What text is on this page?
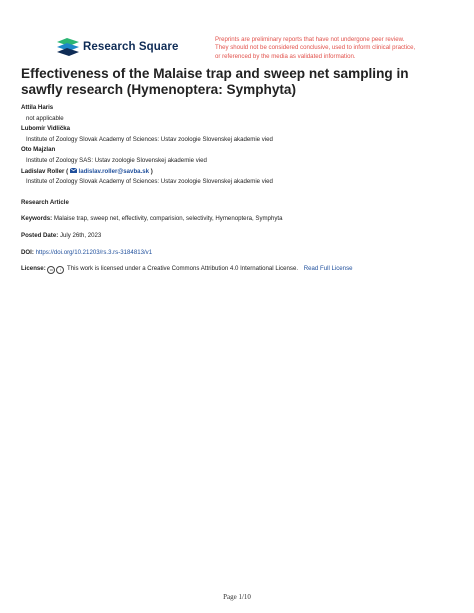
Research Square
Preprints are preliminary reports that have not undergone peer review.
They should not be considered conclusive, used to inform clinical practice,
or referenced by the media as validated information.
Effectiveness of the Malaise trap and sweep net sampling in sawfly research (Hymenoptera: Symphyta)
Attila Haris
not applicable
Lubomír Vidlička
Institute of Zoology Slovak Academy of Sciences: Ustav zoologie Slovenskej akademie vied
Oto Majzlan
Institute of Zoology SAS: Ustav zoologie Slovenskej akademie vied
Ladislav Roller (  ladislav.roller@savba.sk )
Institute of Zoology Slovak Academy of Sciences: Ustav zoologie Slovenskej akademie vied
Research Article
Keywords: Malaise trap, sweep net, effectivity, comparision, selectivity, Hymenoptera, Symphyta
Posted Date: July 26th, 2023
DOI: https://doi.org/10.21203/rs.3.rs-3184813/v1
License: cc i This work is licensed under a Creative Commons Attribution 4.0 International License. Read Full License
Page 1/10
